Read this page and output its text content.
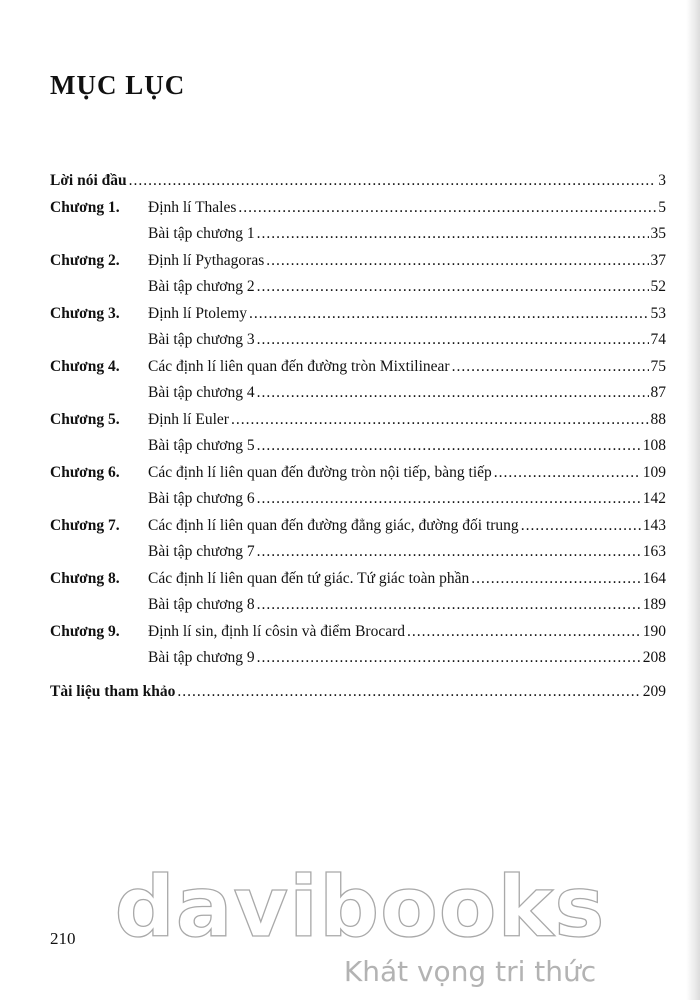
MỤC LỤC
Lời nói đầu .....	3
Chương 1.	Định lí Thales .....	5
Bài tập chương 1 .....	35
Chương 2.	Định lí Pythagoras .....	37
Bài tập chương 2 .....	52
Chương 3.	Định lí Ptolemy .....	53
Bài tập chương 3 .....	74
Chương 4.	Các định lí liên quan đến đường tròn Mixtilinear .....	75
Bài tập chương 4 .....	87
Chương 5.	Định lí Euler .....	88
Bài tập chương 5 .....	108
Chương 6.	Các định lí liên quan đến đường tròn nội tiếp, bàng tiếp .....	109
Bài tập chương 6 .....	142
Chương 7.	Các định lí liên quan đến đường đẳng giác, đường đối trung .....	143
Bài tập chương 7 .....	163
Chương 8.	Các định lí liên quan đến tứ giác. Tứ giác toàn phần .....	164
Bài tập chương 8 .....	189
Chương 9.	Định lí sin, định lí côsin và điểm Brocard .....	190
Bài tập chương 9 .....	208
Tài liệu tham khảo .....	209
210 davibooks
Khát vọng tri thức
